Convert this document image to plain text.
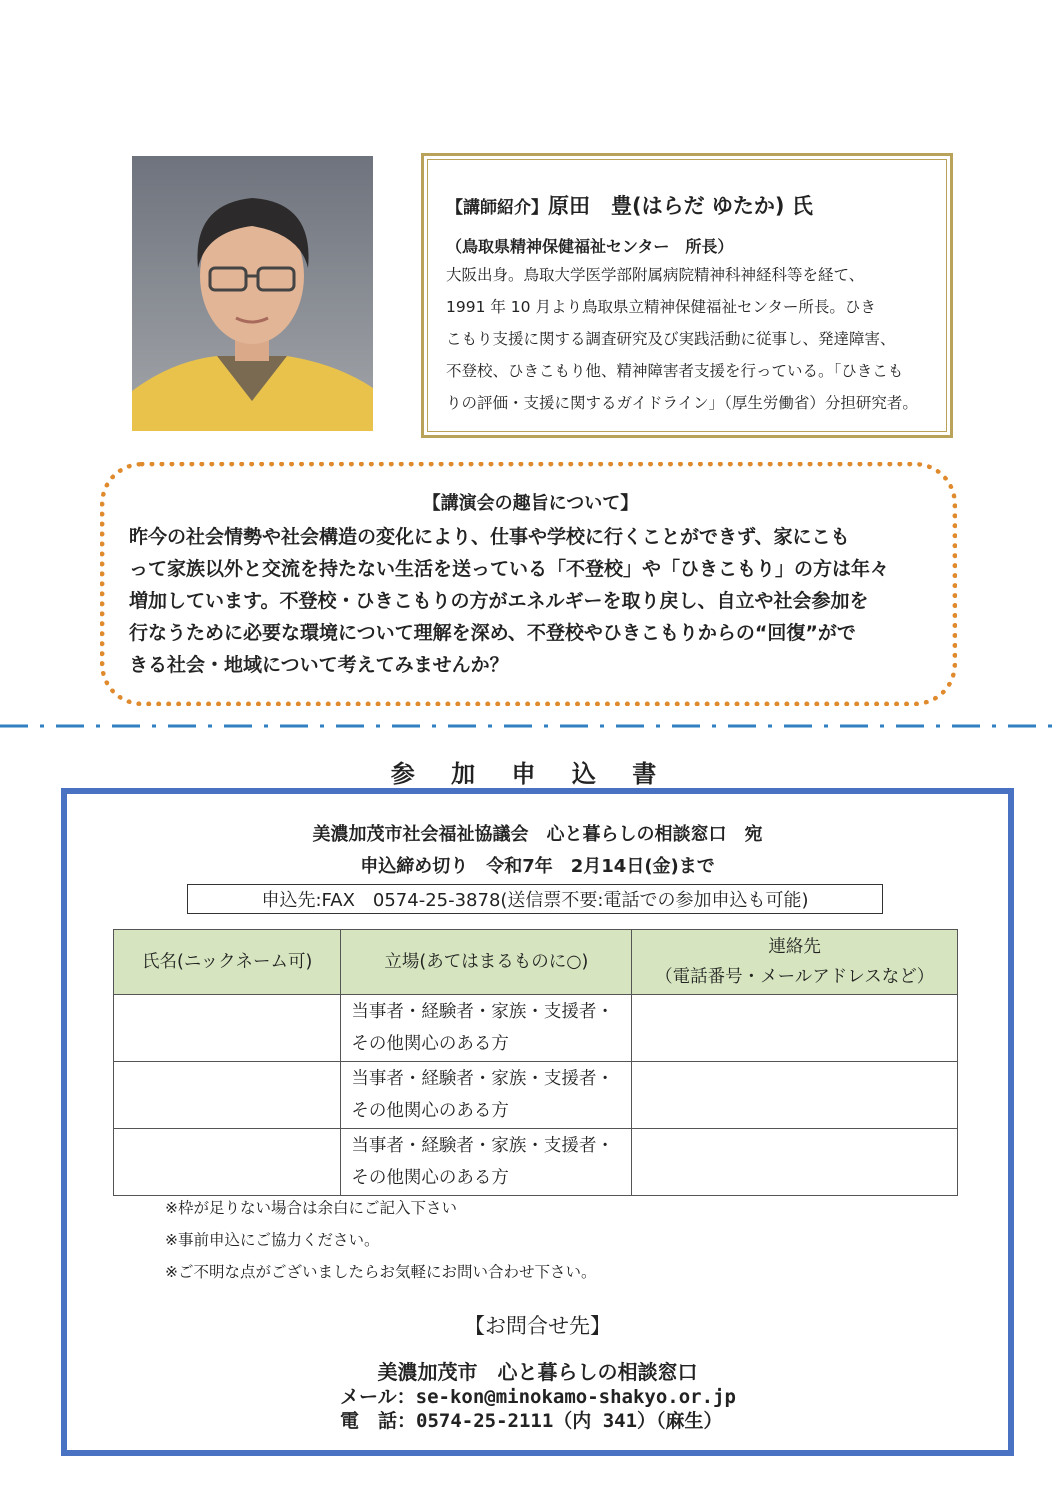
【講師紹介】原田　豊(はらだ ゆたか) 氏
（鳥取県精神保健福祉センター　所長）
大阪出身。鳥取大学医学部附属病院精神科神経科等を経て、
1991 年 10 月より鳥取県立精神保健福祉センター所長。ひき
こもり支援に関する調査研究及び実践活動に従事し、発達障害、
不登校、ひきこもり他、精神障害者支援を行っている。「ひきこも
りの評価・支援に関するガイドライン」（厚生労働省）分担研究者。
【講演会の趣旨について】
昨今の社会情勢や社会構造の変化により、仕事や学校に行くことができず、家にこも
って家族以外と交流を持たない生活を送っている「不登校」や「ひきこもり」の方は年々
増加しています。不登校・ひきこもりの方がエネルギーを取り戻し、自立や社会参加を
行なうために必要な環境について理解を深め、不登校やひきこもりからの“回復”がで
きる社会・地域について考えてみませんか？
参 加 申 込 書
美濃加茂市社会福祉協議会　心と暮らしの相談窓口　宛
申込締め切り　令和7年　2月14日(金)まで
申込先:FAX　0574-25-3878(送信票不要:電話での参加申込も可能)
氏名(ニックネーム可)	立場(あてはまるものに○)	連絡先
（電話番号・メールアドレスなど）

	当事者・経験者・家族・支援者・
その他関心のある方	

	当事者・経験者・家族・支援者・
その他関心のある方	

	当事者・経験者・家族・支援者・
その他関心のある方	

※枠が足りない場合は余白にご記入下さい
※事前申込にご協力ください。
※ご不明な点がございましたらお気軽にお問い合わせ下さい。
【お問合せ先】
美濃加茂市　心と暮らしの相談窓口
メール：se-kon@minokamo-shakyo.or.jp
電　話：0574-25-2111（内 341）（麻生）
